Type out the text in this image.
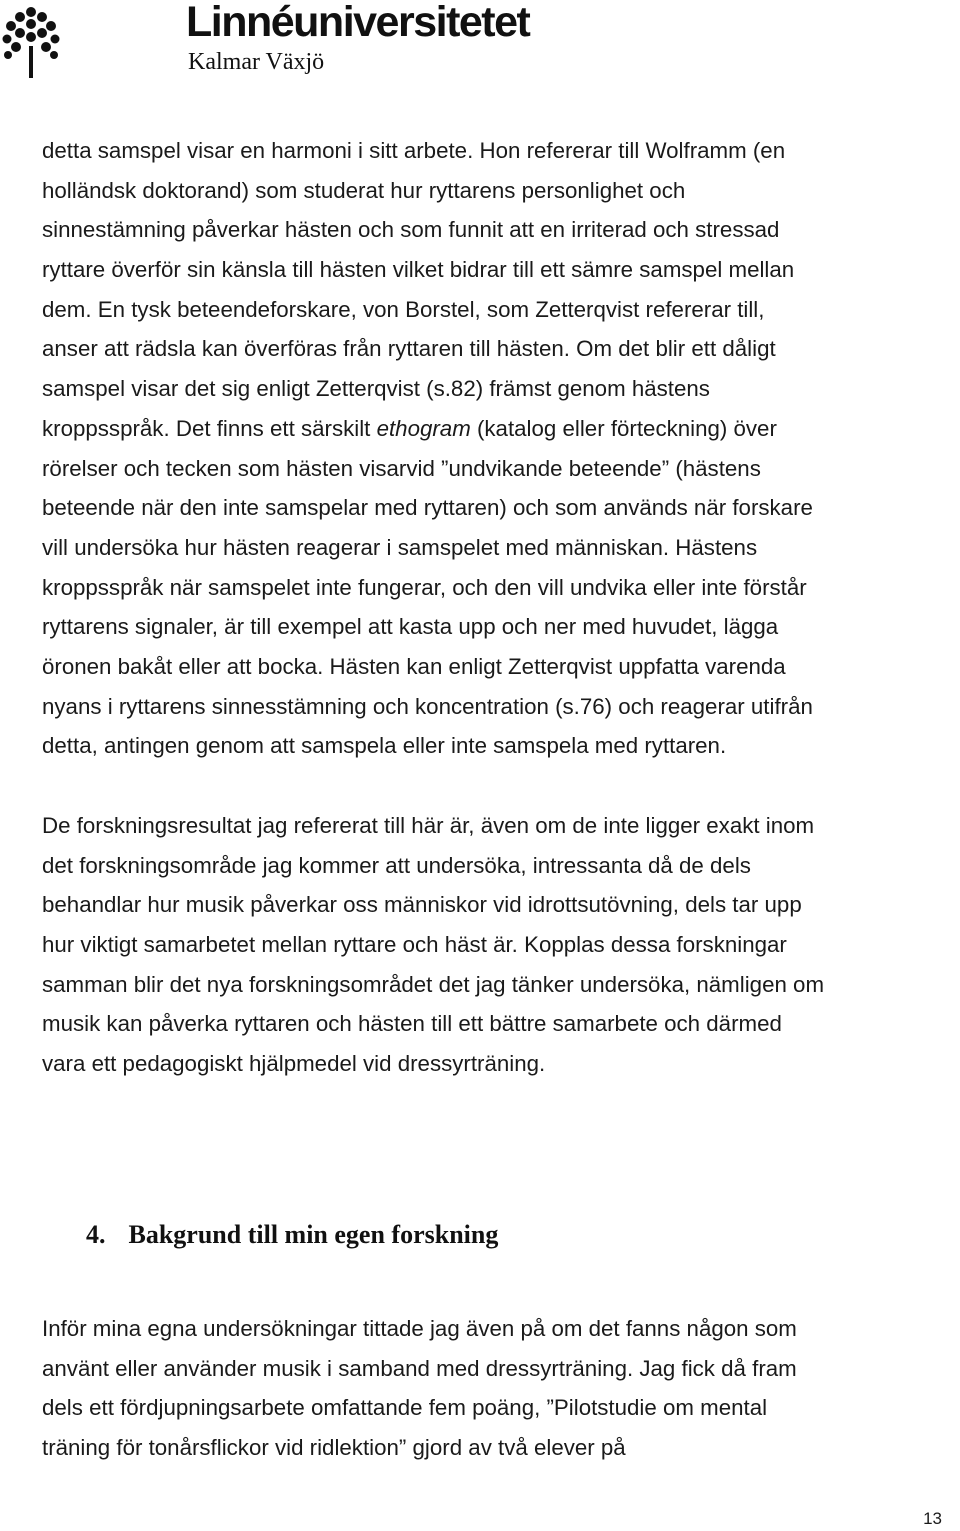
Linnéuniversitetet
Kalmar Växjö
detta samspel visar en harmoni i sitt arbete. Hon refererar till Wolframm (en
holländsk doktorand) som studerat hur ryttarens personlighet och
sinnestämning påverkar hästen och som funnit att en irriterad och stressad
ryttare överför sin känsla till hästen vilket bidrar till ett sämre samspel mellan
dem. En tysk beteendeforskare, von Borstel, som Zetterqvist refererar till,
anser att rädsla kan överföras från ryttaren till hästen. Om det blir ett dåligt
samspel visar det sig enligt Zetterqvist (s.82) främst genom hästens
kroppsspråk. Det finns ett särskilt ethogram (katalog eller förteckning) över
rörelser och tecken som hästen visarvid ”undvikande beteende” (hästens
beteende när den inte samspelar med ryttaren) och som används när forskare
vill undersöka hur hästen reagerar i samspelet med människan. Hästens
kroppsspråk när samspelet inte fungerar, och den vill undvika eller inte förstår
ryttarens signaler, är till exempel att kasta upp och ner med huvudet, lägga
öronen bakåt eller att bocka. Hästen kan enligt Zetterqvist uppfatta varenda
nyans i ryttarens sinnesstämning och koncentration (s.76) och reagerar utifrån
detta, antingen genom att samspela eller inte samspela med ryttaren.
De forskningsresultat jag refererat till här är, även om de inte ligger exakt inom
det forskningsområde jag kommer att undersöka, intressanta då de dels
behandlar hur musik påverkar oss människor vid idrottsutövning, dels tar upp
hur viktigt samarbetet mellan ryttare och häst är. Kopplas dessa forskningar
samman blir det nya forskningsområdet det jag tänker undersöka, nämligen om
musik kan påverka ryttaren och hästen till ett bättre samarbete och därmed
vara ett pedagogiskt hjälpmedel vid dressyrträning.
4. Bakgrund till min egen forskning
Inför mina egna undersökningar tittade jag även på om det fanns någon som
använt eller använder musik i samband med dressyrträning. Jag fick då fram
dels ett fördjupningsarbete omfattande fem poäng, ”Pilotstudie om mental
träning för tonårsflickor vid ridlektion” gjord av två elever på
13
